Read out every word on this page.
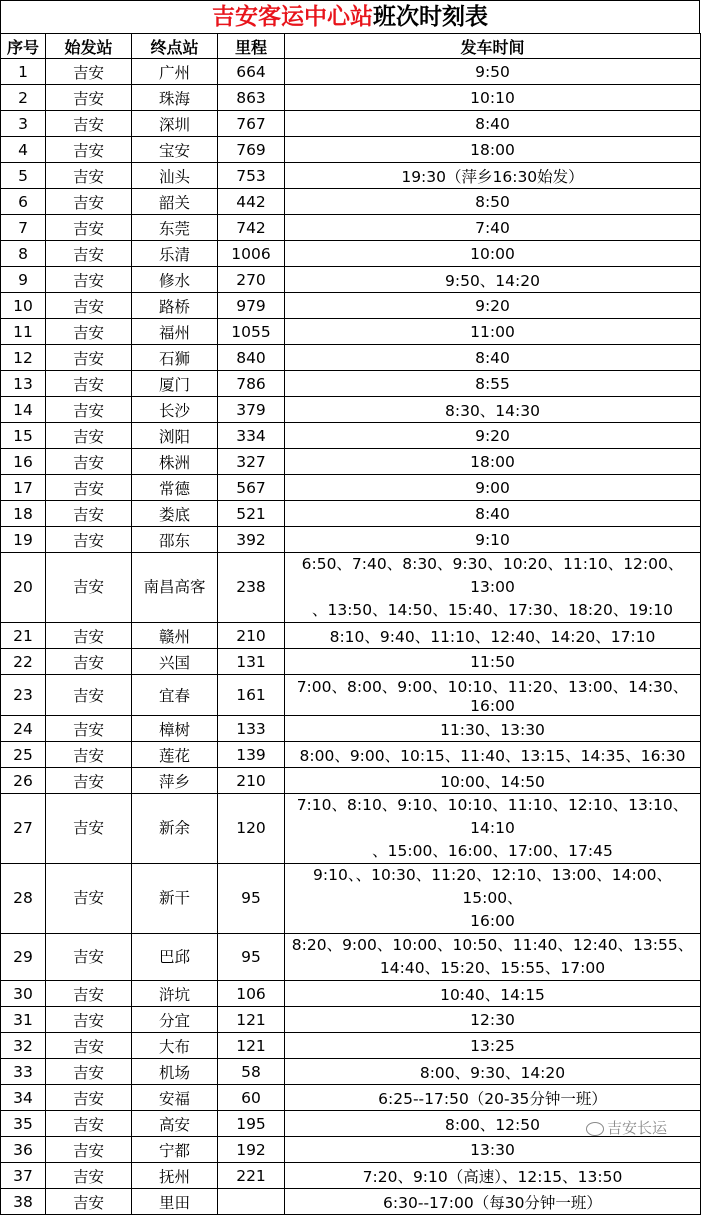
吉安客运中心站班次时刻表
序号	始发站	终点站	里程	发车时间
1	吉安	广州	664	9:50
2	吉安	珠海	863	10:10
3	吉安	深圳	767	8:40
4	吉安	宝安	769	18:00
5	吉安	汕头	753	19:30（萍乡16:30始发）
6	吉安	韶关	442	8:50
7	吉安	东莞	742	7:40
8	吉安	乐清	1006	10:00
9	吉安	修水	270	9:50、14:20
10	吉安	路桥	979	9:20
11	吉安	福州	1055	11:00
12	吉安	石狮	840	8:40
13	吉安	厦门	786	8:55
14	吉安	长沙	379	8:30、14:30
15	吉安	浏阳	334	9:20
16	吉安	株洲	327	18:00
17	吉安	常德	567	9:00
18	吉安	娄底	521	8:40
19	吉安	邵东	392	9:10
20	吉安	南昌高客	238	6:50、7:40、8:30、9:30、10:20、11:10、12:00、13:00
、13:50、14:50、15:40、17:30、18:20、19:10
21	吉安	赣州	210	8:10、9:40、11:10、12:40、14:20、17:10
22	吉安	兴国	131	11:50
23	吉安	宜春	161	7:00、8:00、9:00、10:10、11:20、13:00、14:30、16:00
24	吉安	樟树	133	11:30、13:30
25	吉安	莲花	139	8:00、9:00、10:15、11:40、13:15、14:35、16:30
26	吉安	萍乡	210	10:00、14:50
27	吉安	新余	120	7:10、8:10、9:10、10:10、11:10、12:10、13:10、14:10
、15:00、16:00、17:00、17:45
28	吉安	新干	95	9:10、、10:30、11:20、12:10、13:00、14:00、15:00、
16:00
29	吉安	巴邱	95	8:20、9:00、10:00、10:50、11:40、12:40、13:55、
14:40、15:20、15:55、17:00
30	吉安	浒坑	106	10:40、14:15
31	吉安	分宜	121	12:30
32	吉安	大布	121	13:25
33	吉安	机场	58	8:00、9:30、14:20
34	吉安	安福	60	6:25--17:50（20-35分钟一班）
35	吉安	高安	195	8:00、12:50
36	吉安	宁都	192	13:30
37	吉安	抚州	221	7:20、9:10（高速）、12:15、13:50
38	吉安	里田		6:30--17:00（每30分钟一班）
吉安长运
